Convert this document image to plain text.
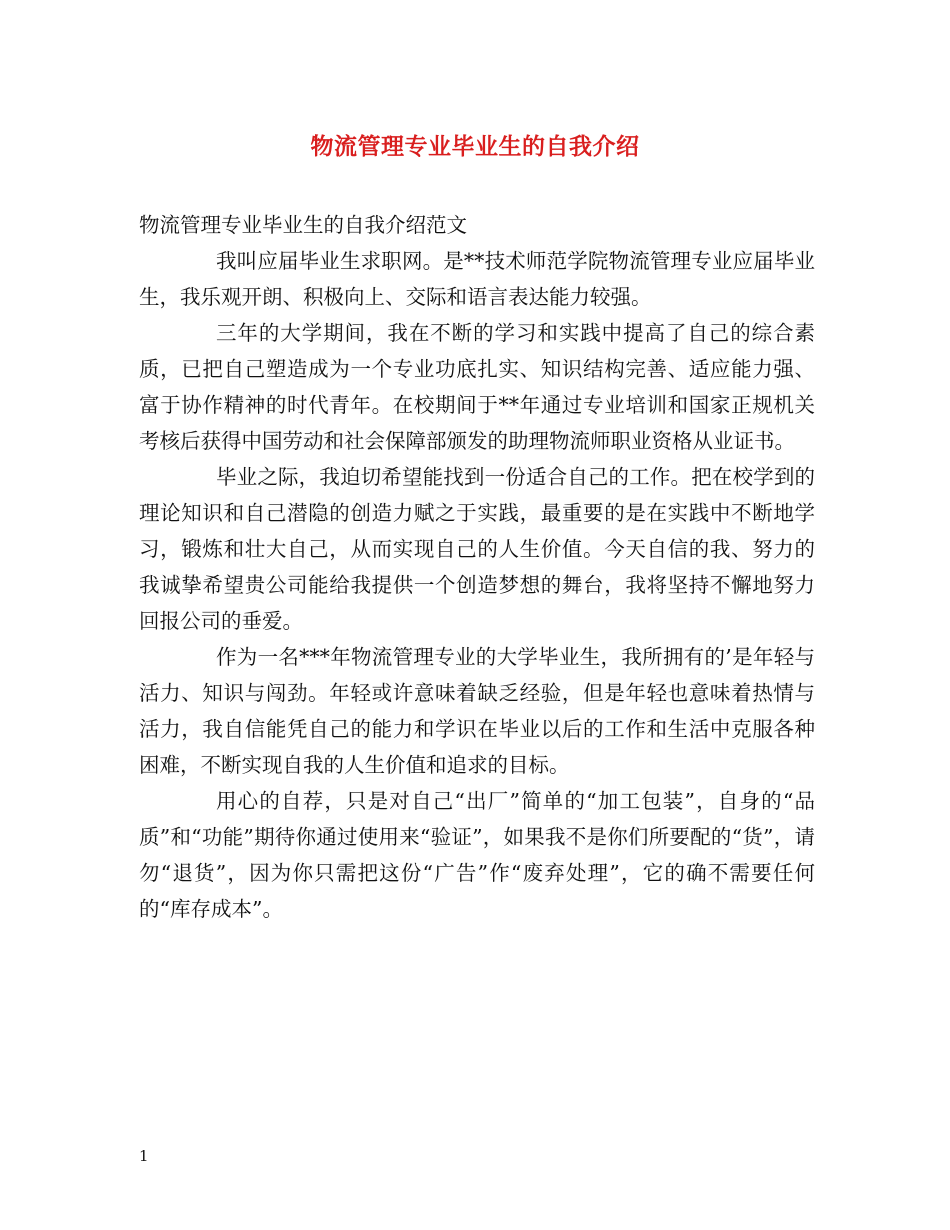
物流管理专业毕业生的自我介绍

物流管理专业毕业生的自我介绍范文

我叫应届毕业生求职网。是**技术师范学院物流管理专业应届毕业生，我乐观开朗、积极向上、交际和语言表达能力较强。

三年的大学期间，我在不断的学习和实践中提高了自己的综合素质，已把自己塑造成为一个专业功底扎实、知识结构完善、适应能力强、富于协作精神的时代青年。在校期间于**年通过专业培训和国家正规机关考核后获得中国劳动和社会保障部颁发的助理物流师职业资格从业证书。

毕业之际，我迫切希望能找到一份适合自己的工作。把在校学到的理论知识和自己潜隐的创造力赋之于实践，最重要的是在实践中不断地学习，锻炼和壮大自己，从而实现自己的人生价值。今天自信的我、努力的我诚挚希望贵公司能给我提供一个创造梦想的舞台，我将坚持不懈地努力回报公司的垂爱。

作为一名***年物流管理专业的大学毕业生，我所拥有的’是年轻与活力、知识与闯劲。年轻或许意味着缺乏经验，但是年轻也意味着热情与活力，我自信能凭自己的能力和学识在毕业以后的工作和生活中克服各种困难，不断实现自我的人生价值和追求的目标。

用心的自荐，只是对自己“出厂”简单的“加工包装”，自身的“品质”和“功能”期待你通过使用来“验证”，如果我不是你们所要配的“货”，请勿“退货”，因为你只需把这份“广告”作“废弃处理”，它的确不需要任何的“库存成本”。

1
